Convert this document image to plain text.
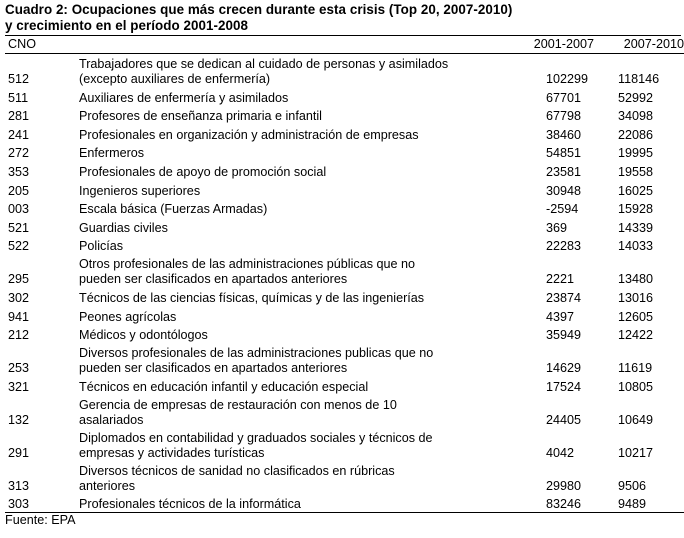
Cuadro 2: Ocupaciones que más crecen durante esta crisis (Top 20, 2007-2010)
y crecimiento en el período 2001-2008
CNO		2001-2007	2007-2010
512	Trabajadores que se dedican al cuidado de personas y asimilados
(excepto auxiliares de enfermería)	102299	118146
511	Auxiliares de enfermería y asimilados	67701	52992
281	Profesores de enseñanza primaria e infantil	67798	34098
241	Profesionales en organización y administración de empresas	38460	22086
272	Enfermeros	54851	19995
353	Profesionales de apoyo de promoción social	23581	19558
205	Ingenieros superiores	30948	16025
003	Escala básica (Fuerzas Armadas)	-2594	15928
521	Guardias civiles	369	14339
522	Policías	22283	14033
295	Otros profesionales de las administraciones públicas que no
pueden ser clasificados en apartados anteriores	2221	13480
302	Técnicos de las ciencias físicas, químicas y de las ingenierías	23874	13016
941	Peones agrícolas	4397	12605
212	Médicos y odontólogos	35949	12422
253	Diversos profesionales de las administraciones publicas que no
pueden ser clasificados en apartados anteriores	14629	11619
321	Técnicos en educación infantil y educación especial	17524	10805
132	Gerencia de empresas de restauración con menos de 10
asalariados	24405	10649
291	Diplomados en contabilidad y graduados sociales y técnicos de
empresas y actividades turísticas	4042	10217
313	Diversos técnicos de sanidad no clasificados en rúbricas
anteriores	29980	9506
303	Profesionales técnicos de la informática	83246	9489
Fuente: EPA
